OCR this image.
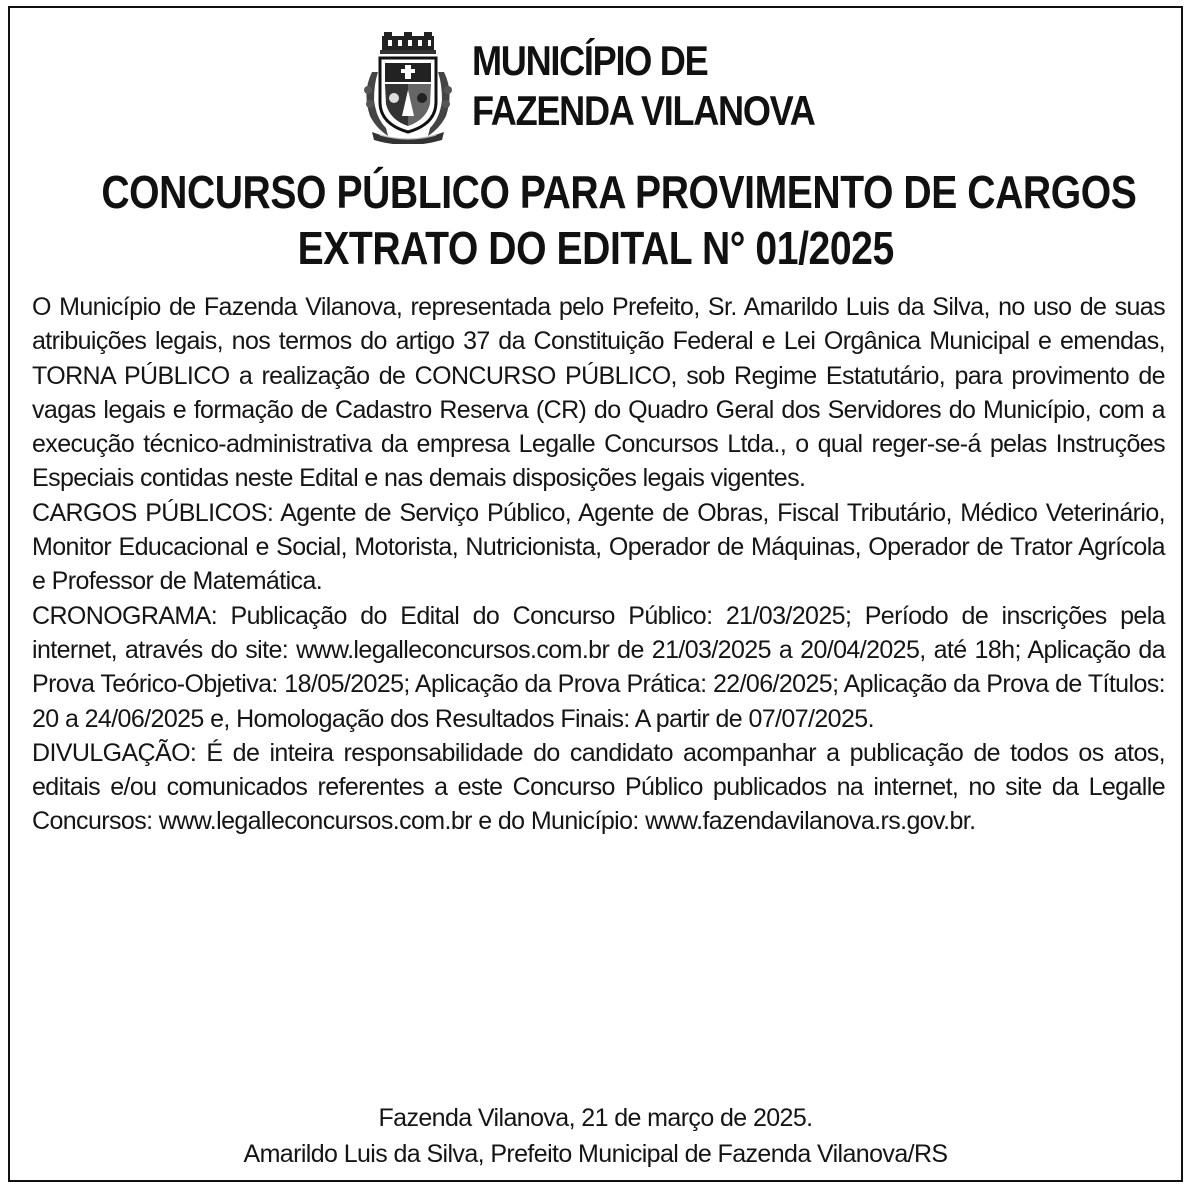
MUNICÍPIO DE
FAZENDA VILANOVA
CONCURSO PÚBLICO PARA PROVIMENTO DE CARGOS
EXTRATO DO EDITAL N° 01/2025

O Município de Fazenda Vilanova, representada pelo Prefeito, Sr. Amarildo Luis da Silva, no uso de suas atribuições legais, nos termos do artigo 37 da Constituição Federal e Lei Orgânica Municipal e emendas, TORNA PÚBLICO a realização de CONCURSO PÚBLICO, sob Regime Estatutário, para provimento de vagas legais e formação de Cadastro Reserva (CR) do Quadro Geral dos Servidores do Município, com a execução técnico-administrativa da empresa Legalle Concursos Ltda., o qual reger-se-á pelas Instruções Especiais contidas neste Edital e nas demais disposições legais vigentes.

CARGOS PÚBLICOS: Agente de Serviço Público, Agente de Obras, Fiscal Tributário, Médico Veterinário, Monitor Educacional e Social, Motorista, Nutricionista, Operador de Máquinas, Operador de Trator Agrícola e Professor de Matemática.

CRONOGRAMA: Publicação do Edital do Concurso Público: 21/03/2025; Período de inscrições pela internet, através do site: www.legalleconcursos.com.br de 21/03/2025 a 20/04/2025, até 18h; Aplicação da Prova Teórico-Objetiva: 18/05/2025; Aplicação da Prova Prática: 22/06/2025; Aplicação da Prova de Títulos: 20 a 24/06/2025 e, Homologação dos Resultados Finais: A partir de 07/07/2025.

DIVULGAÇÃO: É de inteira responsabilidade do candidato acompanhar a publicação de todos os atos, editais e/ou comunicados referentes a este Concurso Público publicados na internet, no site da Legalle Concursos: www.legalleconcursos.com.br e do Município: www.fazendavilanova.rs.gov.br.

Fazenda Vilanova, 21 de março de 2025.
Amarildo Luis da Silva, Prefeito Municipal de Fazenda Vilanova/RS
